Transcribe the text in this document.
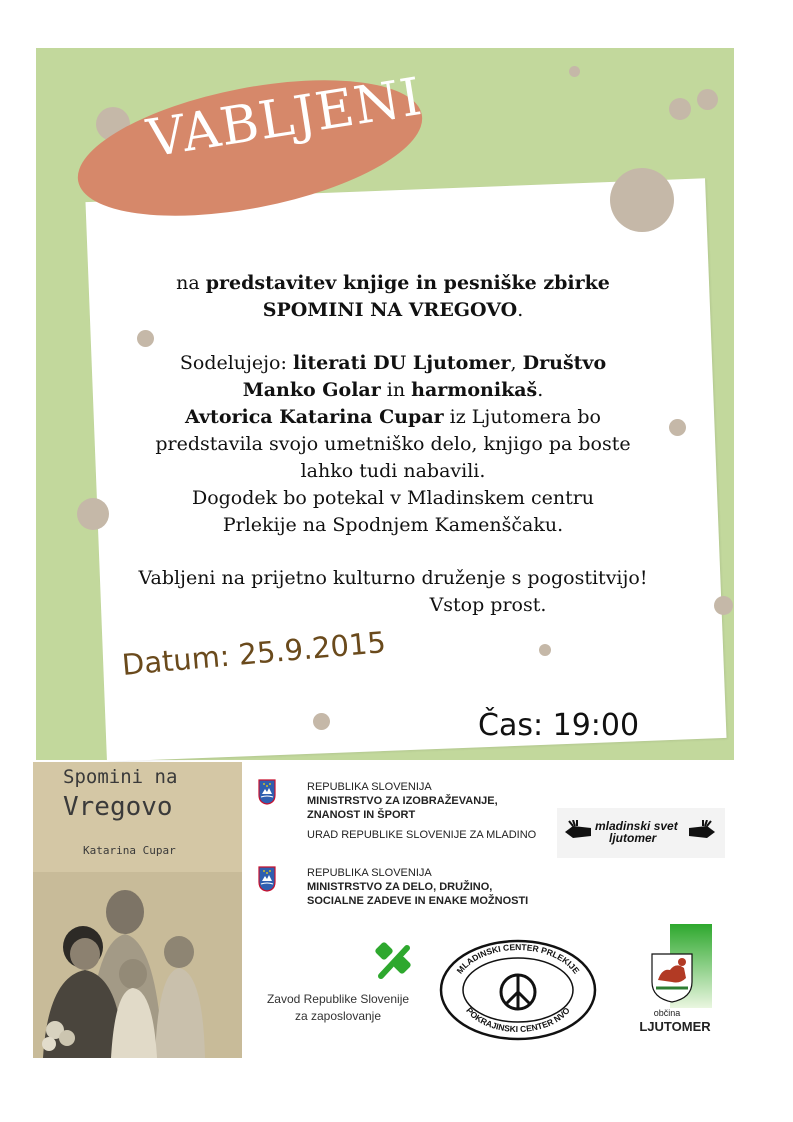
VABLJENI

na predstavitev knjige in pesniške zbirke

SPOMINI NA VREGOVO.

Sodelujejo: literati DU Ljutomer, Društvo

Manko Golar in harmonikaš.

Avtorica Katarina Cupar iz Ljutomera bo

predstavila svojo umetniško delo, knjigo pa boste

lahko tudi nabavili.

Dogodek bo potekal v Mladinskem centru

Prlekije na Spodnjem Kamenščaku.

Vabljeni na prijetno kulturno druženje s pogostitvijo!

Vstop prost.

Datum: 25.9.2015
Čas: 19:00
Spomini na
Vregovo
Katarina Cupar
REPUBLIKA SLOVENIJA
MINISTRSTVO ZA IZOBRAŽEVANJE,
ZNANOST IN ŠPORT
URAD REPUBLIKE SLOVENIJE ZA MLADINO
mladinski svet
ljutomer
REPUBLIKA SLOVENIJA
MINISTRSTVO ZA DELO, DRUŽINO,
SOCIALNE ZADEVE IN ENAKE MOŽNOSTI
Zavod Republike Slovenije
za zaposlovanje
MLADINSKI CENTER PRLEKIJE
POKRAJINSKI CENTER NVO	občina
LJUTOMER
